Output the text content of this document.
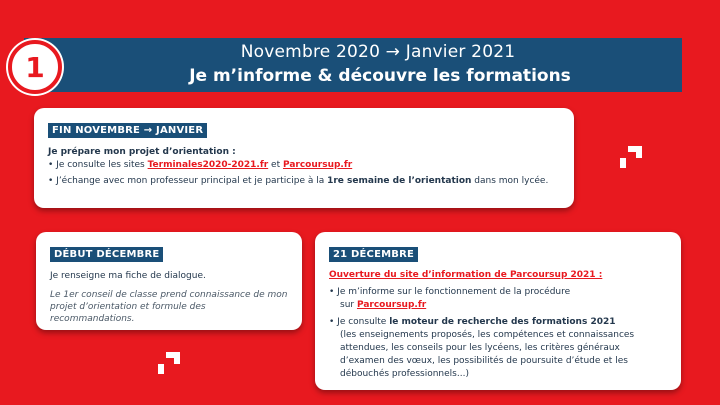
1	Novembre 2020 → Janvier 2021
Je m’informe & découvre les formations
FIN NOVEMBRE → JANVIER
Je prépare mon projet d’orientation :
• Je consulte les sites Terminales2020-2021.fr et Parcoursup.fr
• J’échange avec mon professeur principal et je participe à la 1re semaine de l’orientation dans mon lycée.
DÉBUT DÉCEMBRE
Je renseigne ma fiche de dialogue.
Le 1er conseil de classe prend connaissance de mon projet d’orientation et formule des recommandations.
21 DÉCEMBRE
Ouverture du site d’information de Parcoursup 2021 :
• Je m’informe sur le fonctionnement de la procédure
sur Parcoursup.fr
• Je consulte le moteur de recherche des formations 2021
(les enseignements proposés, les compétences et connaissances attendues, les conseils pour les lycéens, les critères généraux d’examen des vœux, les possibilités de poursuite d’étude et les débouchés professionnels...)
